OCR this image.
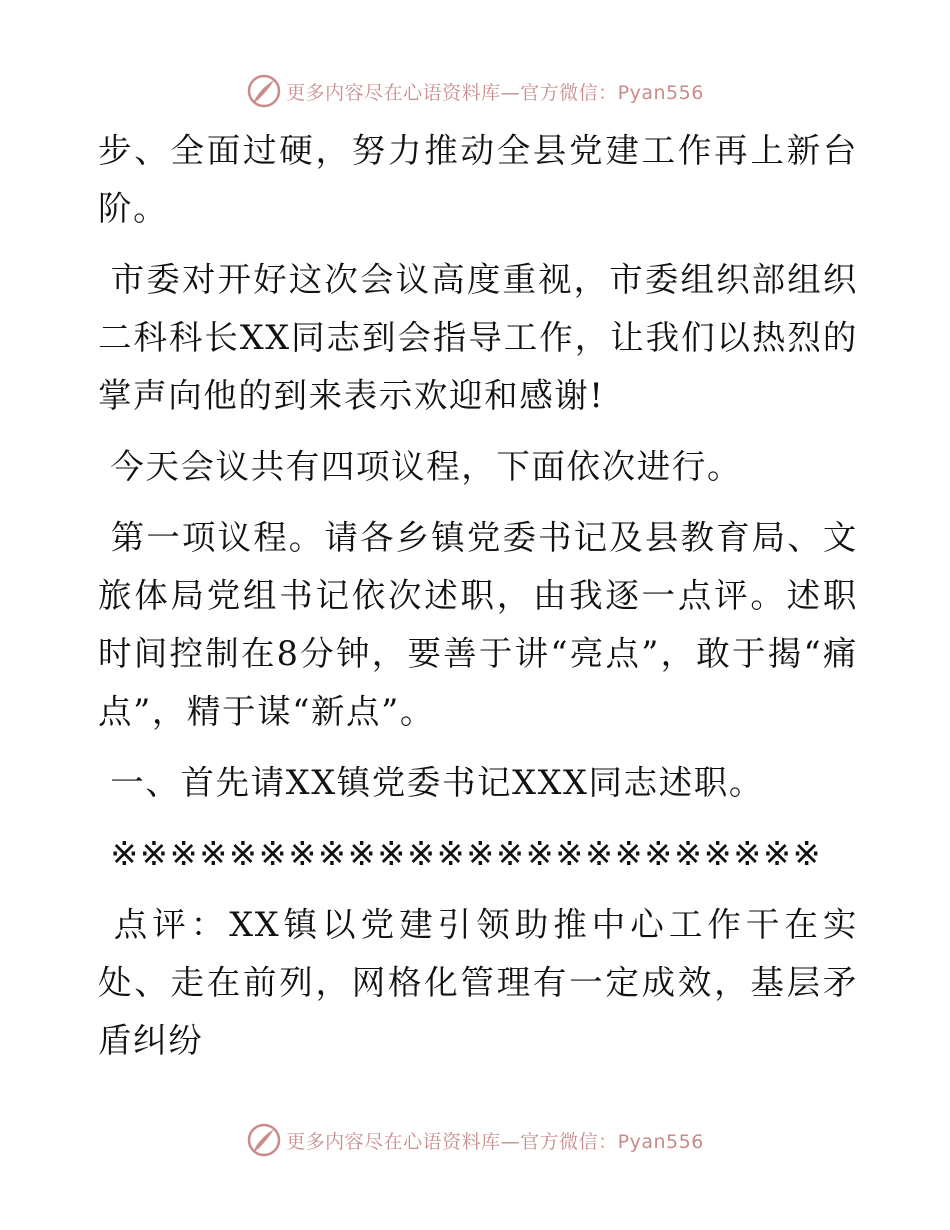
更多内容尽在心语资料库—官方微信：Pyan556

步、全面过硬，努力推动全县党建工作再上新台阶。

市委对开好这次会议高度重视，市委组织部组织二科科长XX同志到会指导工作，让我们以热烈的掌声向他的到来表示欢迎和感谢!

今天会议共有四项议程，下面依次进行。

第一项议程。请各乡镇党委书记及县教育局、文旅体局党组书记依次述职，由我逐一点评。述职时间控制在8分钟，要善于讲“亮点”，敢于揭“痛点”，精于谋“新点”。

一、首先请XX镇党委书记XXX同志述职。

※※※※※※※※※※※※※※※※※※※※※※※※

点评：XX镇以党建引领助推中心工作干在实处、走在前列，网格化管理有一定成效，基层矛盾纠纷

更多内容尽在心语资料库—官方微信：Pyan556
